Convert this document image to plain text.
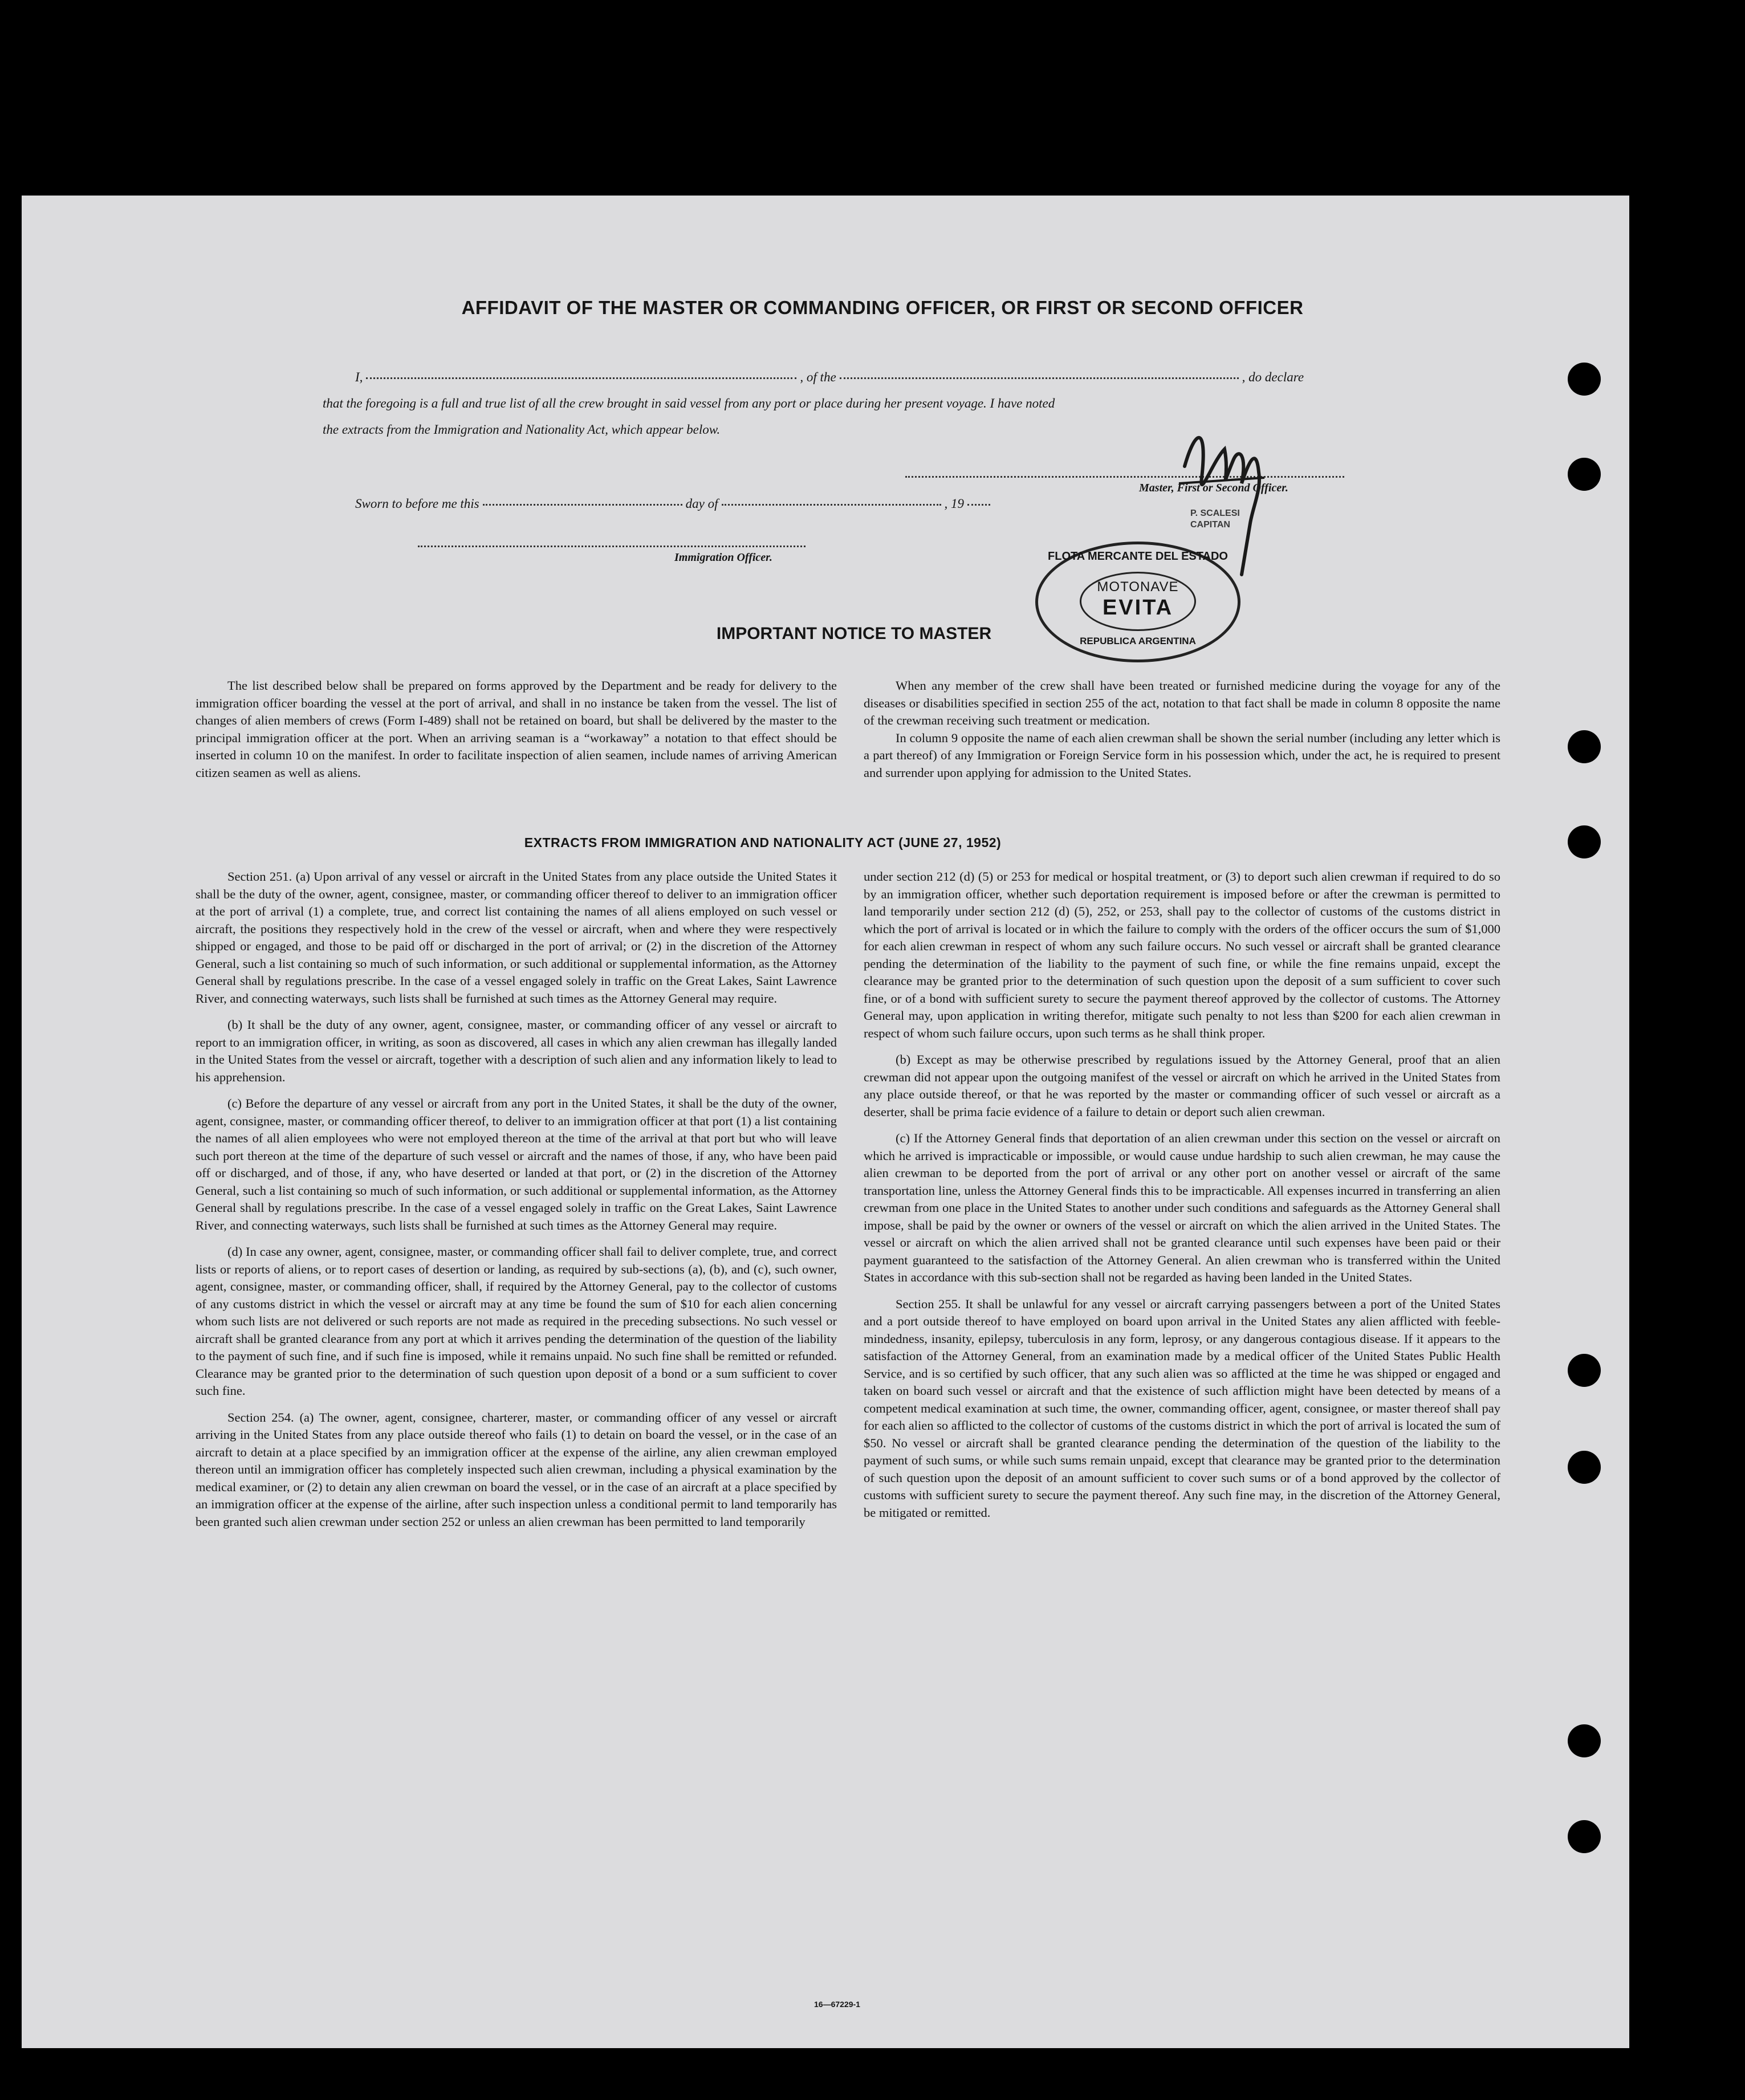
AFFIDAVIT OF THE MASTER OR COMMANDING OFFICER, OR FIRST OR SECOND OFFICER
I,	, of the	, do declare
that the foregoing is a full and true list of all the crew brought in said vessel from any port or place during her present voyage. I have noted
the extracts from the Immigration and Nationality Act, which appear below.
Master, First or Second Officer.
P. SCALESI CAPITAN
Sworn to before me this	day of	, 19
Immigration Officer.	FLOTA MERCANTE DEL ESTADO
MOTONAVE
EVITA
REPUBLICA ARGENTINA
IMPORTANT NOTICE TO MASTER

The list described below shall be prepared on forms approved by the Department and be ready for delivery to the immigration officer boarding the vessel at the port of arrival, and shall in no instance be taken from the vessel. The list of changes of alien members of crews (Form I-489) shall not be retained on board, but shall be delivered by the master to the principal immigration officer at the port. When an arriving seaman is a “workaway” a notation to that effect should be inserted in column 10 on the manifest. In order to facilitate inspection of alien seamen, include names of arriving American citizen seamen as well as aliens.

When any member of the crew shall have been treated or furnished medicine during the voyage for any of the diseases or disabilities specified in section 255 of the act, notation to that fact shall be made in column 8 opposite the name of the crewman receiving such treatment or medication.

In column 9 opposite the name of each alien crewman shall be shown the serial number (including any letter which is a part thereof) of any Immigration or Foreign Service form in his possession which, under the act, he is required to present and surrender upon applying for admission to the United States.

EXTRACTS FROM IMMIGRATION AND NATIONALITY ACT (JUNE 27, 1952)

Section 251. (a) Upon arrival of any vessel or aircraft in the United States from any place outside the United States it shall be the duty of the owner, agent, consignee, master, or commanding officer thereof to deliver to an immigration officer at the port of arrival (1) a complete, true, and correct list containing the names of all aliens employed on such vessel or aircraft, the positions they respectively hold in the crew of the vessel or aircraft, when and where they were respectively shipped or engaged, and those to be paid off or discharged in the port of arrival; or (2) in the discretion of the Attorney General, such a list containing so much of such information, or such additional or supplemental information, as the Attorney General shall by regulations prescribe. In the case of a vessel engaged solely in traffic on the Great Lakes, Saint Lawrence River, and connecting waterways, such lists shall be furnished at such times as the Attorney General may require.

(b) It shall be the duty of any owner, agent, consignee, master, or commanding officer of any vessel or aircraft to report to an immigration officer, in writing, as soon as discovered, all cases in which any alien crewman has illegally landed in the United States from the vessel or aircraft, together with a description of such alien and any information likely to lead to his apprehension.

(c) Before the departure of any vessel or aircraft from any port in the United States, it shall be the duty of the owner, agent, consignee, master, or commanding officer thereof, to deliver to an immigration officer at that port (1) a list containing the names of all alien employees who were not employed thereon at the time of the arrival at that port but who will leave such port thereon at the time of the departure of such vessel or aircraft and the names of those, if any, who have been paid off or discharged, and of those, if any, who have deserted or landed at that port, or (2) in the discretion of the Attorney General, such a list containing so much of such information, or such additional or supplemental information, as the Attorney General shall by regulations prescribe. In the case of a vessel engaged solely in traffic on the Great Lakes, Saint Lawrence River, and connecting waterways, such lists shall be furnished at such times as the Attorney General may require.

(d) In case any owner, agent, consignee, master, or commanding officer shall fail to deliver complete, true, and correct lists or reports of aliens, or to report cases of desertion or landing, as required by sub-sections (a), (b), and (c), such owner, agent, consignee, master, or commanding officer, shall, if required by the Attorney General, pay to the collector of customs of any customs district in which the vessel or aircraft may at any time be found the sum of $10 for each alien concerning whom such lists are not delivered or such reports are not made as required in the preceding subsections. No such vessel or aircraft shall be granted clearance from any port at which it arrives pending the determination of the question of the liability to the payment of such fine, and if such fine is imposed, while it remains unpaid. No such fine shall be remitted or refunded. Clearance may be granted prior to the determination of such question upon deposit of a bond or a sum sufficient to cover such fine.

Section 254. (a) The owner, agent, consignee, charterer, master, or commanding officer of any vessel or aircraft arriving in the United States from any place outside thereof who fails (1) to detain on board the vessel, or in the case of an aircraft to detain at a place specified by an immigration officer at the expense of the airline, any alien crewman employed thereon until an immigration officer has completely inspected such alien crewman, including a physical examination by the medical examiner, or (2) to detain any alien crewman on board the vessel, or in the case of an aircraft at a place specified by an immigration officer at the expense of the airline, after such inspection unless a conditional permit to land temporarily has been granted such alien crewman under section 252 or unless an alien crewman has been permitted to land temporarily

under section 212 (d) (5) or 253 for medical or hospital treatment, or (3) to deport such alien crewman if required to do so by an immigration officer, whether such deportation requirement is imposed before or after the crewman is permitted to land temporarily under section 212 (d) (5), 252, or 253, shall pay to the collector of customs of the customs district in which the port of arrival is located or in which the failure to comply with the orders of the officer occurs the sum of $1,000 for each alien crewman in respect of whom any such failure occurs. No such vessel or aircraft shall be granted clearance pending the determination of the liability to the payment of such fine, or while the fine remains unpaid, except the clearance may be granted prior to the determination of such question upon the deposit of a sum sufficient to cover such fine, or of a bond with sufficient surety to secure the payment thereof approved by the collector of customs. The Attorney General may, upon application in writing therefor, mitigate such penalty to not less than $200 for each alien crewman in respect of whom such failure occurs, upon such terms as he shall think proper.

(b) Except as may be otherwise prescribed by regulations issued by the Attorney General, proof that an alien crewman did not appear upon the outgoing manifest of the vessel or aircraft on which he arrived in the United States from any place outside thereof, or that he was reported by the master or commanding officer of such vessel or aircraft as a deserter, shall be prima facie evidence of a failure to detain or deport such alien crewman.

(c) If the Attorney General finds that deportation of an alien crewman under this section on the vessel or aircraft on which he arrived is impracticable or impossible, or would cause undue hardship to such alien crewman, he may cause the alien crewman to be deported from the port of arrival or any other port on another vessel or aircraft of the same transportation line, unless the Attorney General finds this to be impracticable. All expenses incurred in transferring an alien crewman from one place in the United States to another under such conditions and safeguards as the Attorney General shall impose, shall be paid by the owner or owners of the vessel or aircraft on which the alien arrived in the United States. The vessel or aircraft on which the alien arrived shall not be granted clearance until such expenses have been paid or their payment guaranteed to the satisfaction of the Attorney General. An alien crewman who is transferred within the United States in accordance with this sub-section shall not be regarded as having been landed in the United States.

Section 255. It shall be unlawful for any vessel or aircraft carrying passengers between a port of the United States and a port outside thereof to have employed on board upon arrival in the United States any alien afflicted with feeble-mindedness, insanity, epilepsy, tuberculosis in any form, leprosy, or any dangerous contagious disease. If it appears to the satisfaction of the Attorney General, from an examination made by a medical officer of the United States Public Health Service, and is so certified by such officer, that any such alien was so afflicted at the time he was shipped or engaged and taken on board such vessel or aircraft and that the existence of such affliction might have been detected by means of a competent medical examination at such time, the owner, commanding officer, agent, consignee, or master thereof shall pay for each alien so afflicted to the collector of customs of the customs district in which the port of arrival is located the sum of $50. No vessel or aircraft shall be granted clearance pending the determination of the question of the liability to the payment of such sums, or while such sums remain unpaid, except that clearance may be granted prior to the determination of such question upon the deposit of an amount sufficient to cover such sums or of a bond approved by the collector of customs with sufficient surety to secure the payment thereof. Any such fine may, in the discretion of the Attorney General, be mitigated or remitted.

16—67229-1
